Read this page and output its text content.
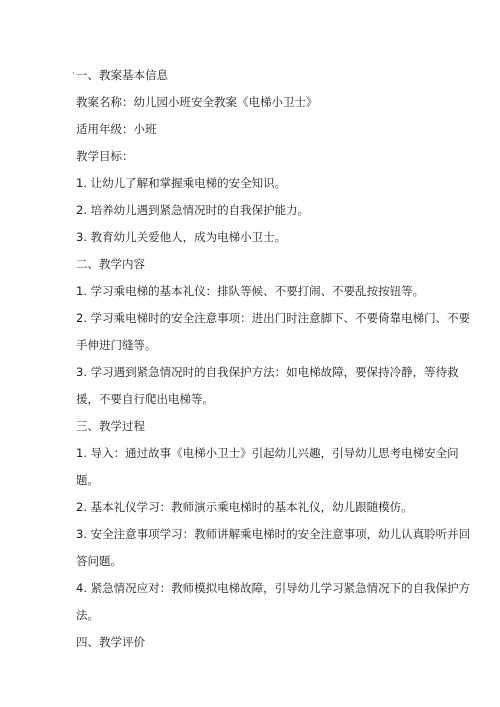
· 一、教案基本信息
教案名称：幼儿园小班安全教案《电梯小卫士》
适用年级：小班
教学目标：
1. 让幼儿了解和掌握乘电梯的安全知识。
2. 培养幼儿遇到紧急情况时的自我保护能力。
3. 教育幼儿关爱他人，成为电梯小卫士。
二、教学内容
1. 学习乘电梯的基本礼仪：排队等候、不要打闹、不要乱按按钮等。
2. 学习乘电梯时的安全注意事项：进出门时注意脚下、不要倚靠电梯门、不要
手伸进门缝等。
3. 学习遇到紧急情况时的自我保护方法：如电梯故障，要保持冷静，等待救
援，不要自行爬出电梯等。
三、教学过程
1. 导入：通过故事《电梯小卫士》引起幼儿兴趣，引导幼儿思考电梯安全问
题。
2. 基本礼仪学习：教师演示乘电梯时的基本礼仪，幼儿跟随模仿。
3. 安全注意事项学习：教师讲解乘电梯时的安全注意事项，幼儿认真聆听并回
答问题。
4. 紧急情况应对：教师模拟电梯故障，引导幼儿学习紧急情况下的自我保护方
法。
四、教学评价
